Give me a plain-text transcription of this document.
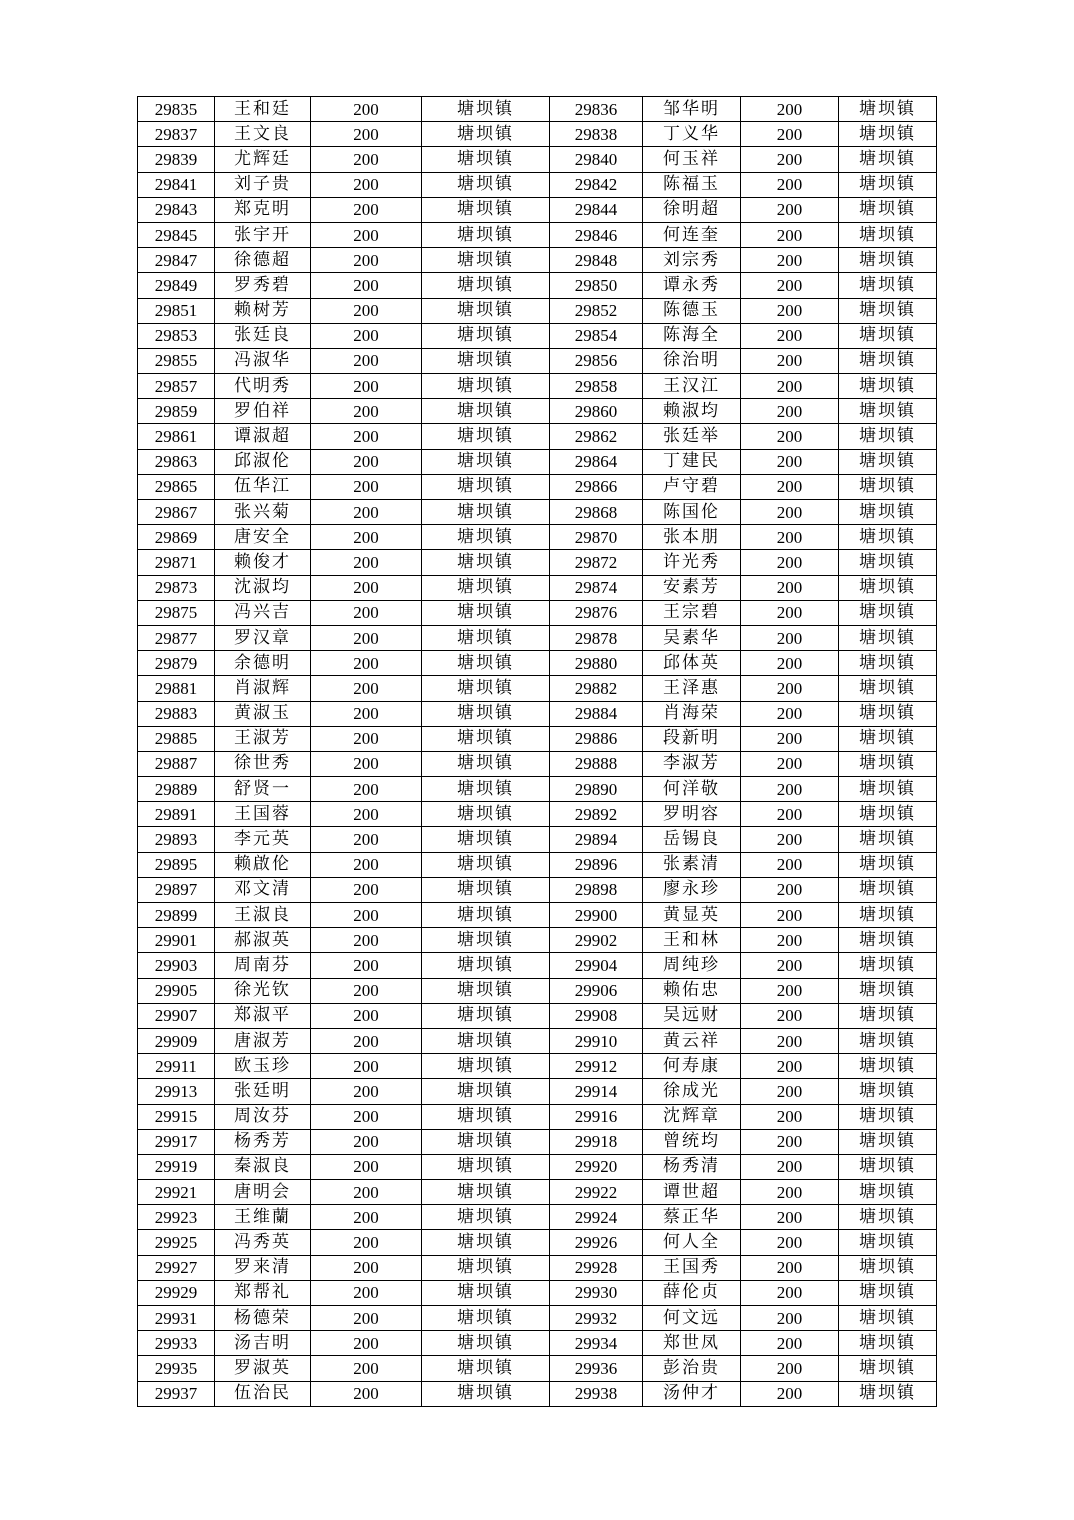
29835	王和廷	200	塘坝镇	29836	邹华明	200	塘坝镇
29837	王文良	200	塘坝镇	29838	丁义华	200	塘坝镇
29839	尤辉廷	200	塘坝镇	29840	何玉祥	200	塘坝镇
29841	刘子贵	200	塘坝镇	29842	陈福玉	200	塘坝镇
29843	郑克明	200	塘坝镇	29844	徐明超	200	塘坝镇
29845	张宇开	200	塘坝镇	29846	何连奎	200	塘坝镇
29847	徐德超	200	塘坝镇	29848	刘宗秀	200	塘坝镇
29849	罗秀碧	200	塘坝镇	29850	谭永秀	200	塘坝镇
29851	赖树芳	200	塘坝镇	29852	陈德玉	200	塘坝镇
29853	张廷良	200	塘坝镇	29854	陈海全	200	塘坝镇
29855	冯淑华	200	塘坝镇	29856	徐治明	200	塘坝镇
29857	代明秀	200	塘坝镇	29858	王汉江	200	塘坝镇
29859	罗伯祥	200	塘坝镇	29860	赖淑均	200	塘坝镇
29861	谭淑超	200	塘坝镇	29862	张廷举	200	塘坝镇
29863	邱淑伦	200	塘坝镇	29864	丁建民	200	塘坝镇
29865	伍华江	200	塘坝镇	29866	卢守碧	200	塘坝镇
29867	张兴菊	200	塘坝镇	29868	陈国伦	200	塘坝镇
29869	唐安全	200	塘坝镇	29870	张本朋	200	塘坝镇
29871	赖俊才	200	塘坝镇	29872	许光秀	200	塘坝镇
29873	沈淑均	200	塘坝镇	29874	安素芳	200	塘坝镇
29875	冯兴吉	200	塘坝镇	29876	王宗碧	200	塘坝镇
29877	罗汉章	200	塘坝镇	29878	吴素华	200	塘坝镇
29879	余德明	200	塘坝镇	29880	邱体英	200	塘坝镇
29881	肖淑辉	200	塘坝镇	29882	王泽惠	200	塘坝镇
29883	黄淑玉	200	塘坝镇	29884	肖海荣	200	塘坝镇
29885	王淑芳	200	塘坝镇	29886	段新明	200	塘坝镇
29887	徐世秀	200	塘坝镇	29888	李淑芳	200	塘坝镇
29889	舒贤一	200	塘坝镇	29890	何洋敬	200	塘坝镇
29891	王国蓉	200	塘坝镇	29892	罗明容	200	塘坝镇
29893	李元英	200	塘坝镇	29894	岳锡良	200	塘坝镇
29895	赖啟伦	200	塘坝镇	29896	张素清	200	塘坝镇
29897	邓文清	200	塘坝镇	29898	廖永珍	200	塘坝镇
29899	王淑良	200	塘坝镇	29900	黄显英	200	塘坝镇
29901	郝淑英	200	塘坝镇	29902	王和林	200	塘坝镇
29903	周南芬	200	塘坝镇	29904	周纯珍	200	塘坝镇
29905	徐光钦	200	塘坝镇	29906	赖佑忠	200	塘坝镇
29907	郑淑平	200	塘坝镇	29908	吴远财	200	塘坝镇
29909	唐淑芳	200	塘坝镇	29910	黄云祥	200	塘坝镇
29911	欧玉珍	200	塘坝镇	29912	何寿康	200	塘坝镇
29913	张廷明	200	塘坝镇	29914	徐成光	200	塘坝镇
29915	周汝芬	200	塘坝镇	29916	沈辉章	200	塘坝镇
29917	杨秀芳	200	塘坝镇	29918	曾统均	200	塘坝镇
29919	秦淑良	200	塘坝镇	29920	杨秀清	200	塘坝镇
29921	唐明会	200	塘坝镇	29922	谭世超	200	塘坝镇
29923	王维蘭	200	塘坝镇	29924	蔡正华	200	塘坝镇
29925	冯秀英	200	塘坝镇	29926	何人全	200	塘坝镇
29927	罗来清	200	塘坝镇	29928	王国秀	200	塘坝镇
29929	郑帮礼	200	塘坝镇	29930	薛伦贞	200	塘坝镇
29931	杨德荣	200	塘坝镇	29932	何文远	200	塘坝镇
29933	汤吉明	200	塘坝镇	29934	郑世凤	200	塘坝镇
29935	罗淑英	200	塘坝镇	29936	彭治贵	200	塘坝镇
29937	伍治民	200	塘坝镇	29938	汤仲才	200	塘坝镇
